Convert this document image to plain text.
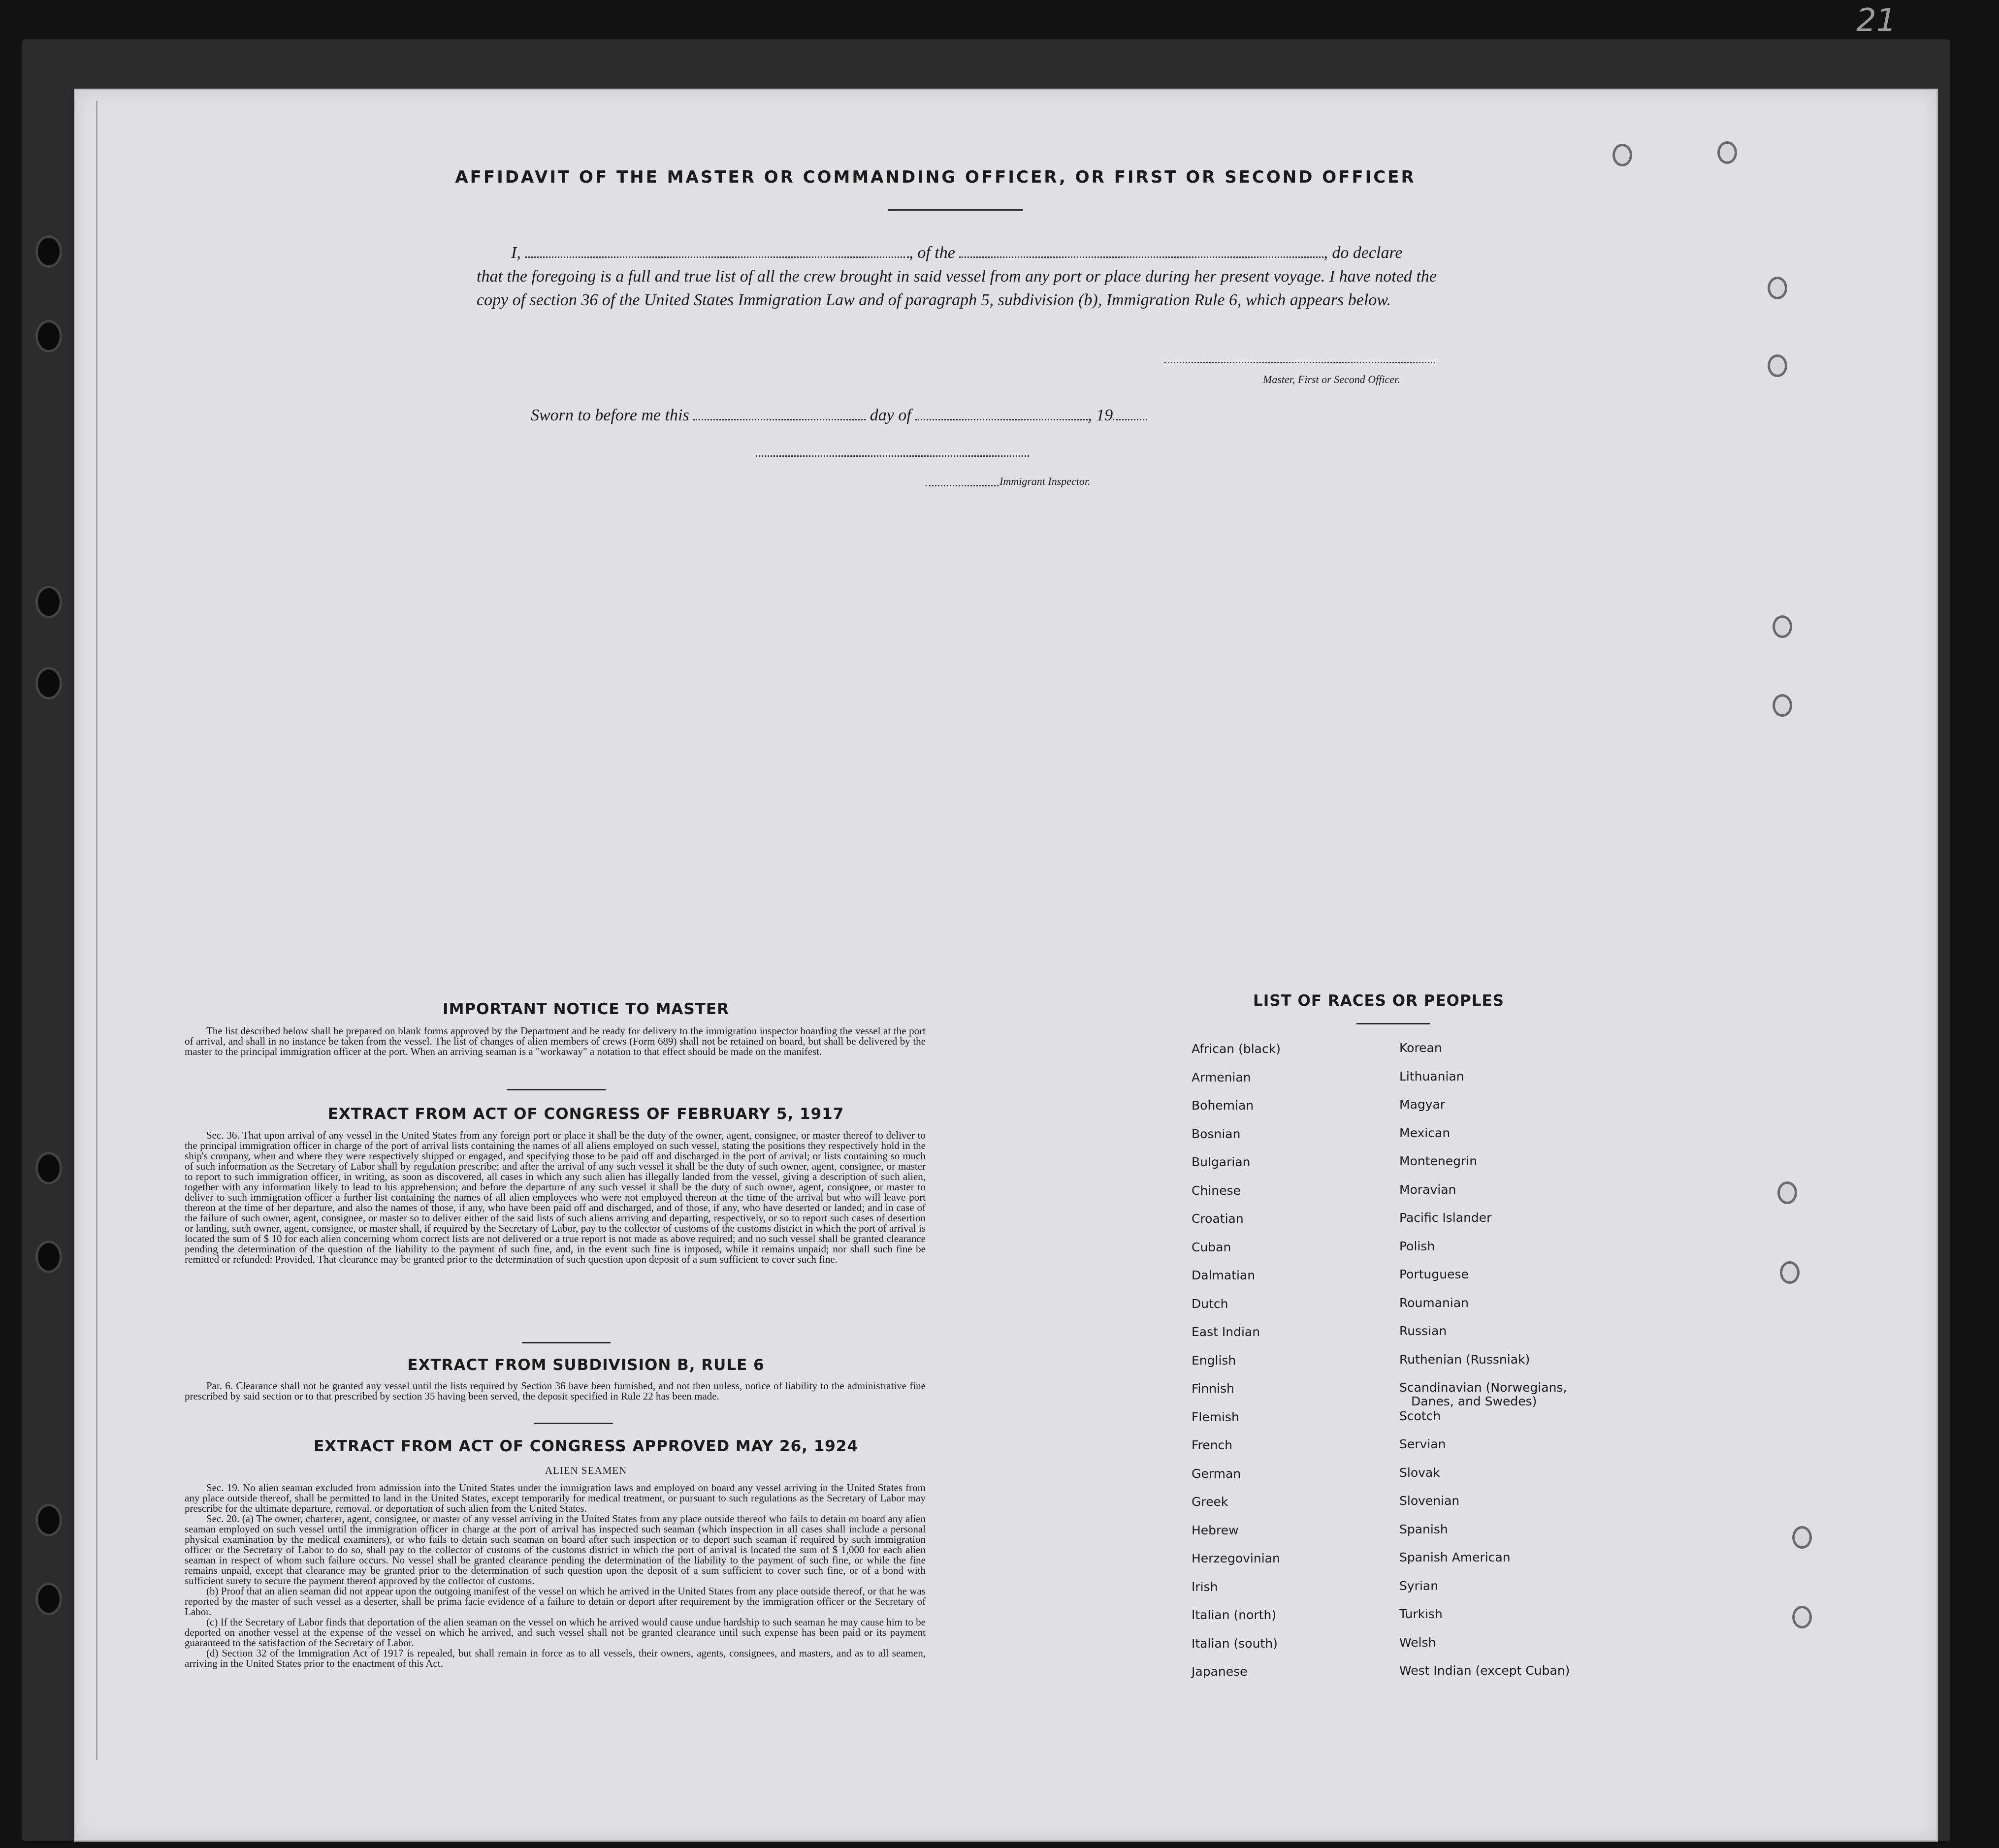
21
AFFIDAVIT OF THE MASTER OR COMMANDING OFFICER, OR FIRST OR SECOND OFFICER
I,	, of the	, do declare
that the foregoing is a full and true list of all the crew brought in said vessel from any port or place during her present voyage. I have noted the copy of section 36 of the United States Immigration Law and of paragraph 5, subdivision (b), Immigration Rule 6, which appears below.
Master, First or Second Officer.
Sworn to before me this	day of	, 19
Immigrant Inspector.
IMPORTANT NOTICE TO MASTER

The list described below shall be prepared on blank forms approved by the Department and be ready for delivery to the immigration inspector boarding the vessel at the port of arrival, and shall in no instance be taken from the vessel. The list of changes of alien members of crews (Form 689) shall not be retained on board, but shall be delivered by the master to the principal immigration officer at the port. When an arriving seaman is a "workaway" a notation to that effect should be made on the manifest.

EXTRACT FROM ACT OF CONGRESS OF FEBRUARY 5, 1917

Sec. 36. That upon arrival of any vessel in the United States from any foreign port or place it shall be the duty of the owner, agent, consignee, or master thereof to deliver to the principal immigration officer in charge of the port of arrival lists containing the names of all aliens employed on such vessel, stating the positions they respectively hold in the ship's company, when and where they were respectively shipped or engaged, and specifying those to be paid off and discharged in the port of arrival; or lists containing so much of such information as the Secretary of Labor shall by regulation prescribe; and after the arrival of any such vessel it shall be the duty of such owner, agent, consignee, or master to report to such immigration officer, in writing, as soon as discovered, all cases in which any such alien has illegally landed from the vessel, giving a description of such alien, together with any information likely to lead to his apprehension; and before the departure of any such vessel it shall be the duty of such owner, agent, consignee, or master to deliver to such immigration officer a further list containing the names of all alien employees who were not employed thereon at the time of the arrival but who will leave port thereon at the time of her departure, and also the names of those, if any, who have been paid off and discharged, and of those, if any, who have deserted or landed; and in case of the failure of such owner, agent, consignee, or master so to deliver either of the said lists of such aliens arriving and departing, respectively, or so to report such cases of desertion or landing, such owner, agent, consignee, or master shall, if required by the Secretary of Labor, pay to the collector of customs of the customs district in which the port of arrival is located the sum of $ 10 for each alien concerning whom correct lists are not delivered or a true report is not made as above required; and no such vessel shall be granted clearance pending the determination of the question of the liability to the payment of such fine, and, in the event such fine is imposed, while it remains unpaid; nor shall such fine be remitted or refunded: Provided, That clearance may be granted prior to the determination of such question upon deposit of a sum sufficient to cover such fine.

EXTRACT FROM SUBDIVISION B, RULE 6

Par. 6. Clearance shall not be granted any vessel until the lists required by Section 36 have been furnished, and not then unless, notice of liability to the administrative fine prescribed by said section or to that prescribed by section 35 having been served, the deposit specified in Rule 22 has been made.

EXTRACT FROM ACT OF CONGRESS APPROVED MAY 26, 1924
ALIEN SEAMEN

Sec. 19. No alien seaman excluded from admission into the United States under the immigration laws and employed on board any vessel arriving in the United States from any place outside thereof, shall be permitted to land in the United States, except temporarily for medical treatment, or pursuant to such regulations as the Secretary of Labor may prescribe for the ultimate departure, removal, or deportation of such alien from the United States.

Sec. 20. (a) The owner, charterer, agent, consignee, or master of any vessel arriving in the United States from any place outside thereof who fails to detain on board any alien seaman employed on such vessel until the immigration officer in charge at the port of arrival has inspected such seaman (which inspection in all cases shall include a personal physical examination by the medical examiners), or who fails to detain such seaman on board after such inspection or to deport such seaman if required by such immigration officer or the Secretary of Labor to do so, shall pay to the collector of customs of the customs district in which the port of arrival is located the sum of $ 1,000 for each alien seaman in respect of whom such failure occurs. No vessel shall be granted clearance pending the determination of the liability to the payment of such fine, or while the fine remains unpaid, except that clearance may be granted prior to the determination of such question upon the deposit of a sum sufficient to cover such fine, or of a bond with sufficient surety to secure the payment thereof approved by the collector of customs.

(b) Proof that an alien seaman did not appear upon the outgoing manifest of the vessel on which he arrived in the United States from any place outside thereof, or that he was reported by the master of such vessel as a deserter, shall be prima facie evidence of a failure to detain or deport after requirement by the immigration officer or the Secretary of Labor.

(c) If the Secretary of Labor finds that deportation of the alien seaman on the vessel on which he arrived would cause undue hardship to such seaman he may cause him to be deported on another vessel at the expense of the vessel on which he arrived, and such vessel shall not be granted clearance until such expense has been paid or its payment guaranteed to the satisfaction of the Secretary of Labor.

(d) Section 32 of the Immigration Act of 1917 is repealed, but shall remain in force as to all vessels, their owners, agents, consignees, and masters, and as to all seamen, arriving in the United States prior to the enactment of this Act.

LIST OF RACES OR PEOPLES
African (black)
Armenian
Bohemian
Bosnian
Bulgarian
Chinese
Croatian
Cuban
Dalmatian
Dutch
East Indian
English
Finnish
Flemish
French
German
Greek
Hebrew
Herzegovinian
Irish
Italian (north)
Italian (south)
Japanese
Korean
Lithuanian
Magyar
Mexican
Montenegrin
Moravian
Pacific Islander
Polish
Portuguese
Roumanian
Russian
Ruthenian (Russniak)
Scandinavian (Norwegians,
Danes, and Swedes)
Scotch
Servian
Slovak
Slovenian
Spanish
Spanish American
Syrian
Turkish
Welsh
West Indian (except Cuban)
